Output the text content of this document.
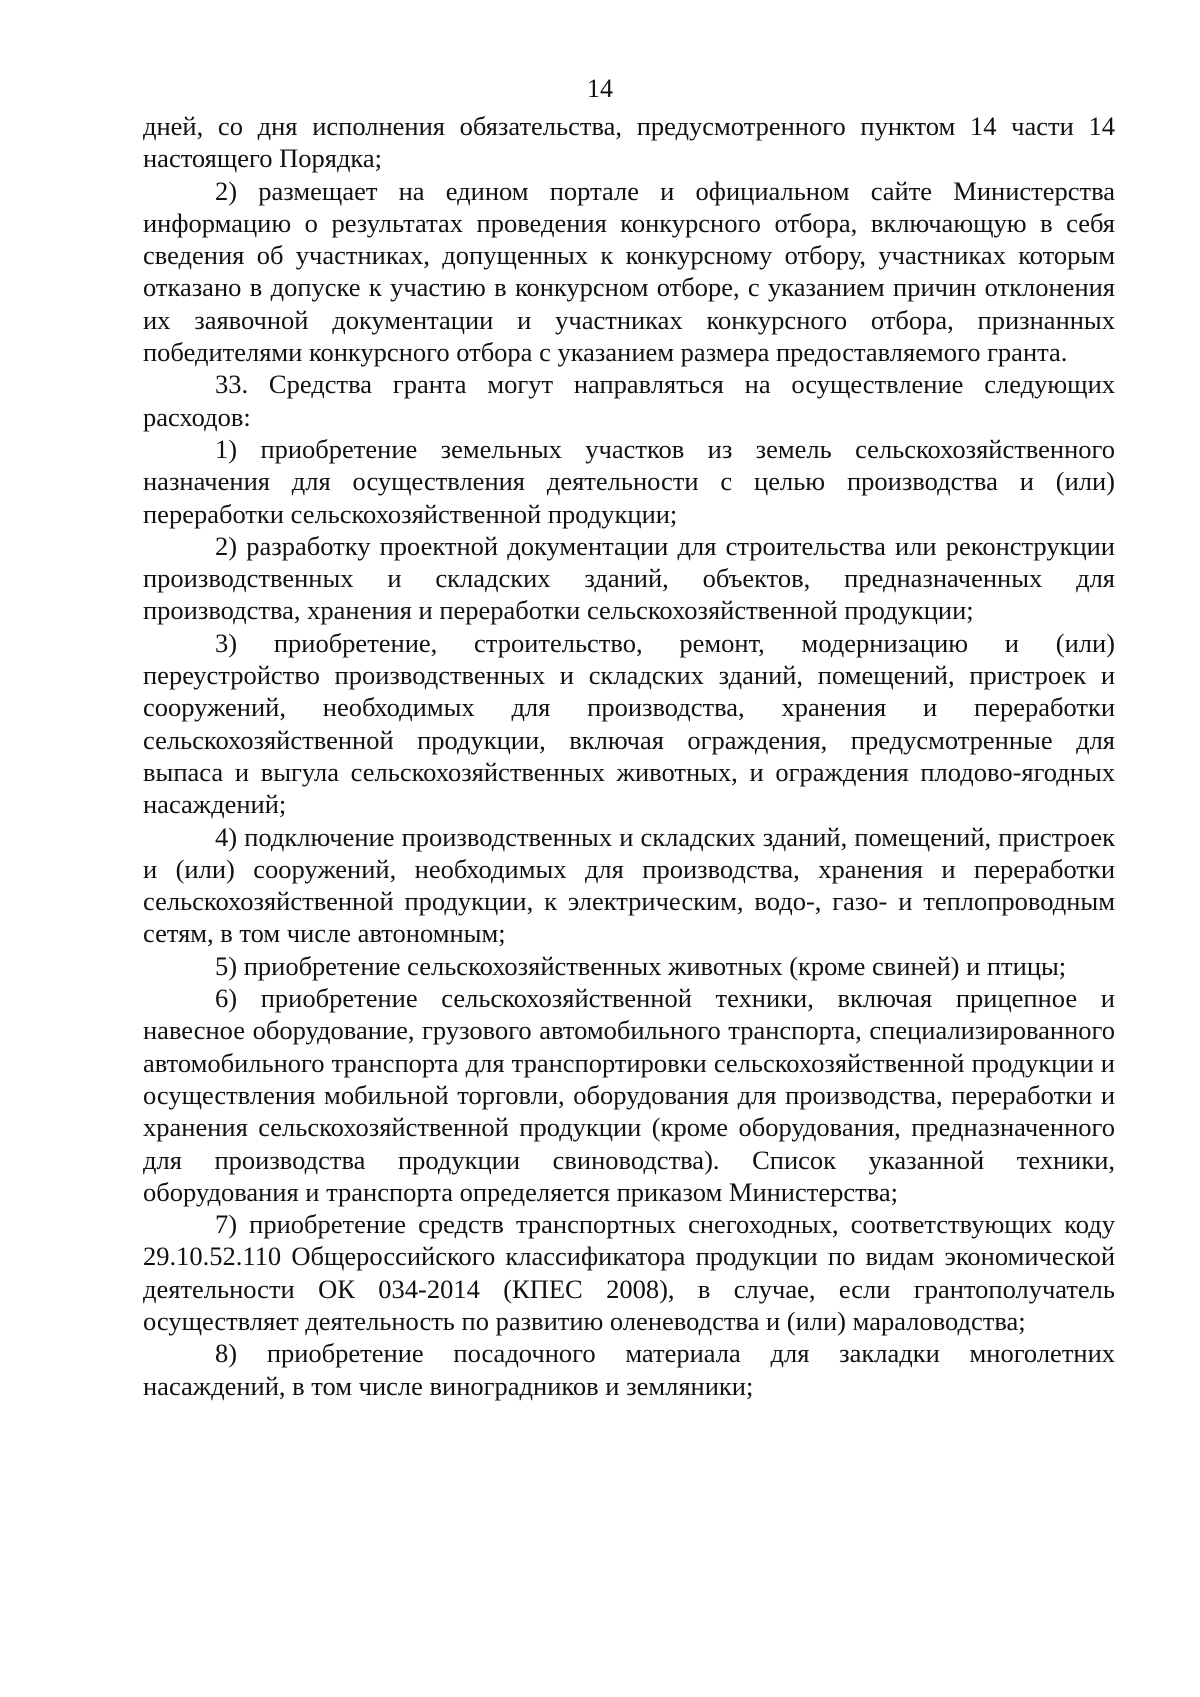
14

дней, со дня исполнения обязательства, предусмотренного пунктом 14 части 14 настоящего Порядка;

2) размещает на едином портале и официальном сайте Министерства информацию о результатах проведения конкурсного отбора, включающую в себя сведения об участниках, допущенных к конкурсному отбору, участниках которым отказано в допуске к участию в конкурсном отборе, с указанием причин отклонения их заявочной документации и участниках конкурсного отбора, признанных победителями конкурсного отбора с указанием размера предоставляемого гранта.

33. Средства гранта могут направляться на осуществление следующих расходов:

1) приобретение земельных участков из земель сельскохозяйственного назначения для осуществления деятельности с целью производства и (или) переработки сельскохозяйственной продукции;

2) разработку проектной документации для строительства или реконструкции производственных и складских зданий, объектов, предназначенных для производства, хранения и переработки сельскохозяйственной продукции;

3) приобретение, строительство, ремонт, модернизацию и (или) переустройство производственных и складских зданий, помещений, пристроек и сооружений, необходимых для производства, хранения и переработки сельскохозяйственной продукции, включая ограждения, предусмотренные для выпаса и выгула сельскохозяйственных животных, и ограждения плодово-ягодных насаждений;

4) подключение производственных и складских зданий, помещений, пристроек и (или) сооружений, необходимых для производства, хранения и переработки сельскохозяйственной продукции, к электрическим, водо-, газо- и теплопроводным сетям, в том числе автономным;

5) приобретение сельскохозяйственных животных (кроме свиней) и птицы;

6) приобретение сельскохозяйственной техники, включая прицепное и навесное оборудование, грузового автомобильного транспорта, специализированного автомобильного транспорта для транспортировки сельскохозяйственной продукции и осуществления мобильной торговли, оборудования для производства, переработки и хранения сельскохозяйственной продукции (кроме оборудования, предназначенного для производства продукции свиноводства). Список указанной техники, оборудования и транспорта определяется приказом Министерства;

7) приобретение средств транспортных снегоходных, соответствующих коду 29.10.52.110 Общероссийского классификатора продукции по видам экономической деятельности ОК 034-2014 (КПЕС 2008), в случае, если грантополучатель осуществляет деятельность по развитию оленеводства и (или) мараловодства;

8) приобретение посадочного материала для закладки многолетних насаждений, в том числе виноградников и земляники;
